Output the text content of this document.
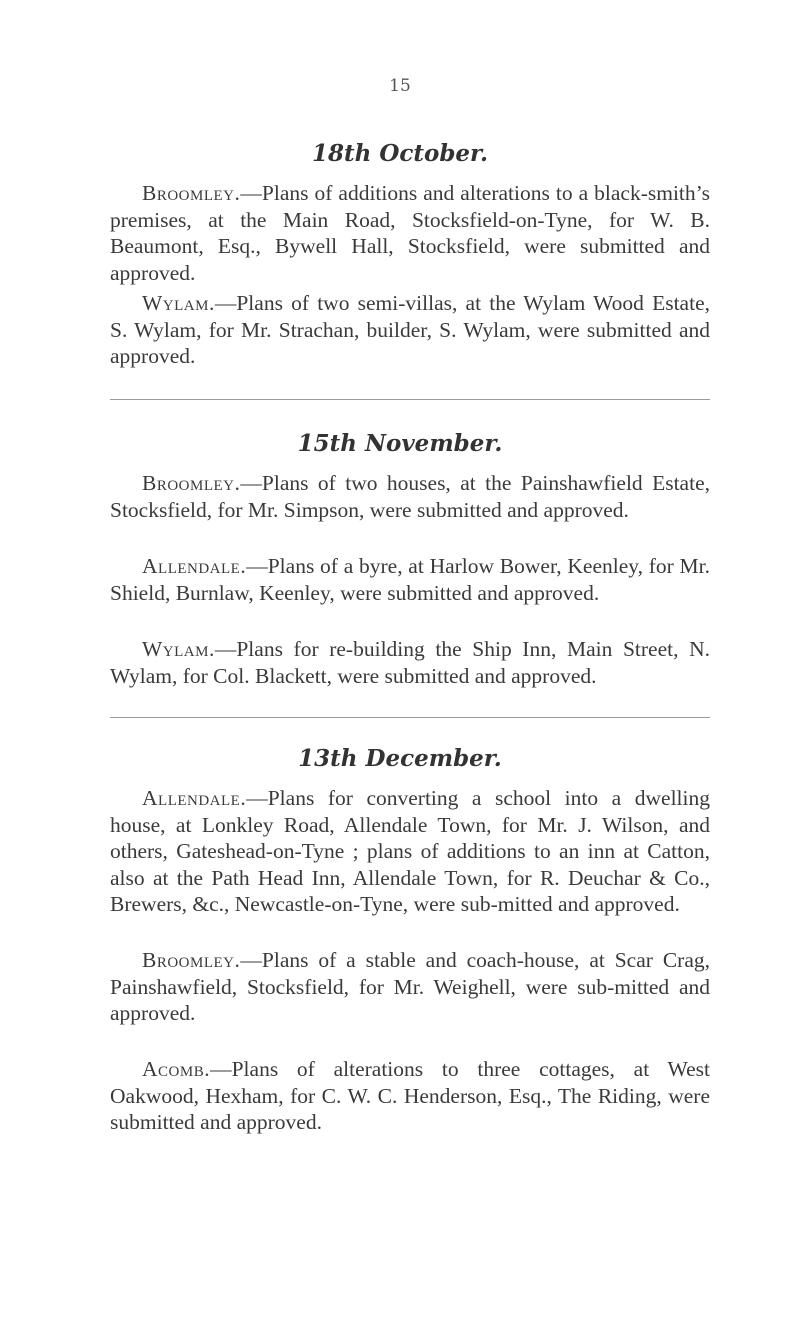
15
18th October.

Broomley.—Plans of additions and alterations to a black-smith’s premises, at the Main Road, Stocksfield-on-Tyne, for W. B. Beaumont, Esq., Bywell Hall, Stocksfield, were submitted and approved.

Wylam.—Plans of two semi-villas, at the Wylam Wood Estate, S. Wylam, for Mr. Strachan, builder, S. Wylam, were submitted and approved.

15th November.

Broomley.—Plans of two houses, at the Painshawfield Estate, Stocksfield, for Mr. Simpson, were submitted and approved.

Allendale.—Plans of a byre, at Harlow Bower, Keenley, for Mr. Shield, Burnlaw, Keenley, were submitted and approved.

Wylam.—Plans for re-building the Ship Inn, Main Street, N. Wylam, for Col. Blackett, were submitted and approved.

13th December.

Allendale.—Plans for converting a school into a dwelling house, at Lonkley Road, Allendale Town, for Mr. J. Wilson, and others, Gateshead-on-Tyne ; plans of additions to an inn at Catton, also at the Path Head Inn, Allendale Town, for R. Deuchar & Co., Brewers, &c., Newcastle-on-Tyne, were sub-mitted and approved.

Broomley.—Plans of a stable and coach-house, at Scar Crag, Painshawfield, Stocksfield, for Mr. Weighell, were sub-mitted and approved.

Acomb.—Plans of alterations to three cottages, at West Oakwood, Hexham, for C. W. C. Henderson, Esq., The Riding, were submitted and approved.
